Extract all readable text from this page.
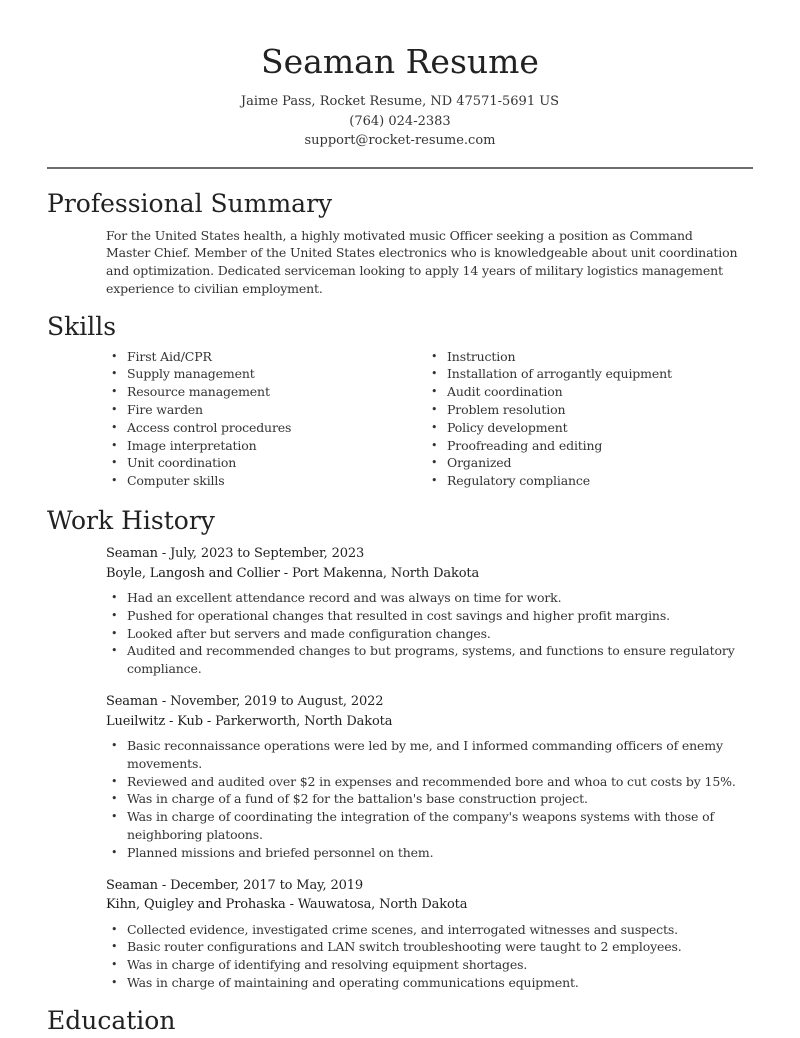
Seaman Resume
Jaime Pass, Rocket Resume, ND 47571-5691 US
(764) 024-2383
support@rocket-resume.com
Professional Summary
For the United States health, a highly motivated music Officer seeking a position as Command Master Chief. Member of the United States electronics who is knowledgeable about unit coordination and optimization. Dedicated serviceman looking to apply 14 years of military logistics management experience to civilian employment.
Skills
• First Aid/CPR
• Supply management
• Resource management
• Fire warden
• Access control procedures
• Image interpretation
• Unit coordination
• Computer skills
• Instruction
• Installation of arrogantly equipment
• Audit coordination
• Problem resolution
• Policy development
• Proofreading and editing
• Organized
• Regulatory compliance
Work History
Seaman - July, 2023 to September, 2023
Boyle, Langosh and Collier - Port Makenna, North Dakota
• Had an excellent attendance record and was always on time for work.
• Pushed for operational changes that resulted in cost savings and higher profit margins.
• Looked after but servers and made configuration changes.
• Audited and recommended changes to but programs, systems, and functions to ensure regulatory compliance.
Seaman - November, 2019 to August, 2022
Lueilwitz - Kub - Parkerworth, North Dakota
• Basic reconnaissance operations were led by me, and I informed commanding officers of enemy movements.
• Reviewed and audited over $2 in expenses and recommended bore and whoa to cut costs by 15%.
• Was in charge of a fund of $2 for the battalion's base construction project.
• Was in charge of coordinating the integration of the company's weapons systems with those of neighboring platoons.
• Planned missions and briefed personnel on them.
Seaman - December, 2017 to May, 2019
Kihn, Quigley and Prohaska - Wauwatosa, North Dakota
• Collected evidence, investigated crime scenes, and interrogated witnesses and suspects.
• Basic router configurations and LAN switch troubleshooting were taught to 2 employees.
• Was in charge of identifying and resolving equipment shortages.
• Was in charge of maintaining and operating communications equipment.
Education
